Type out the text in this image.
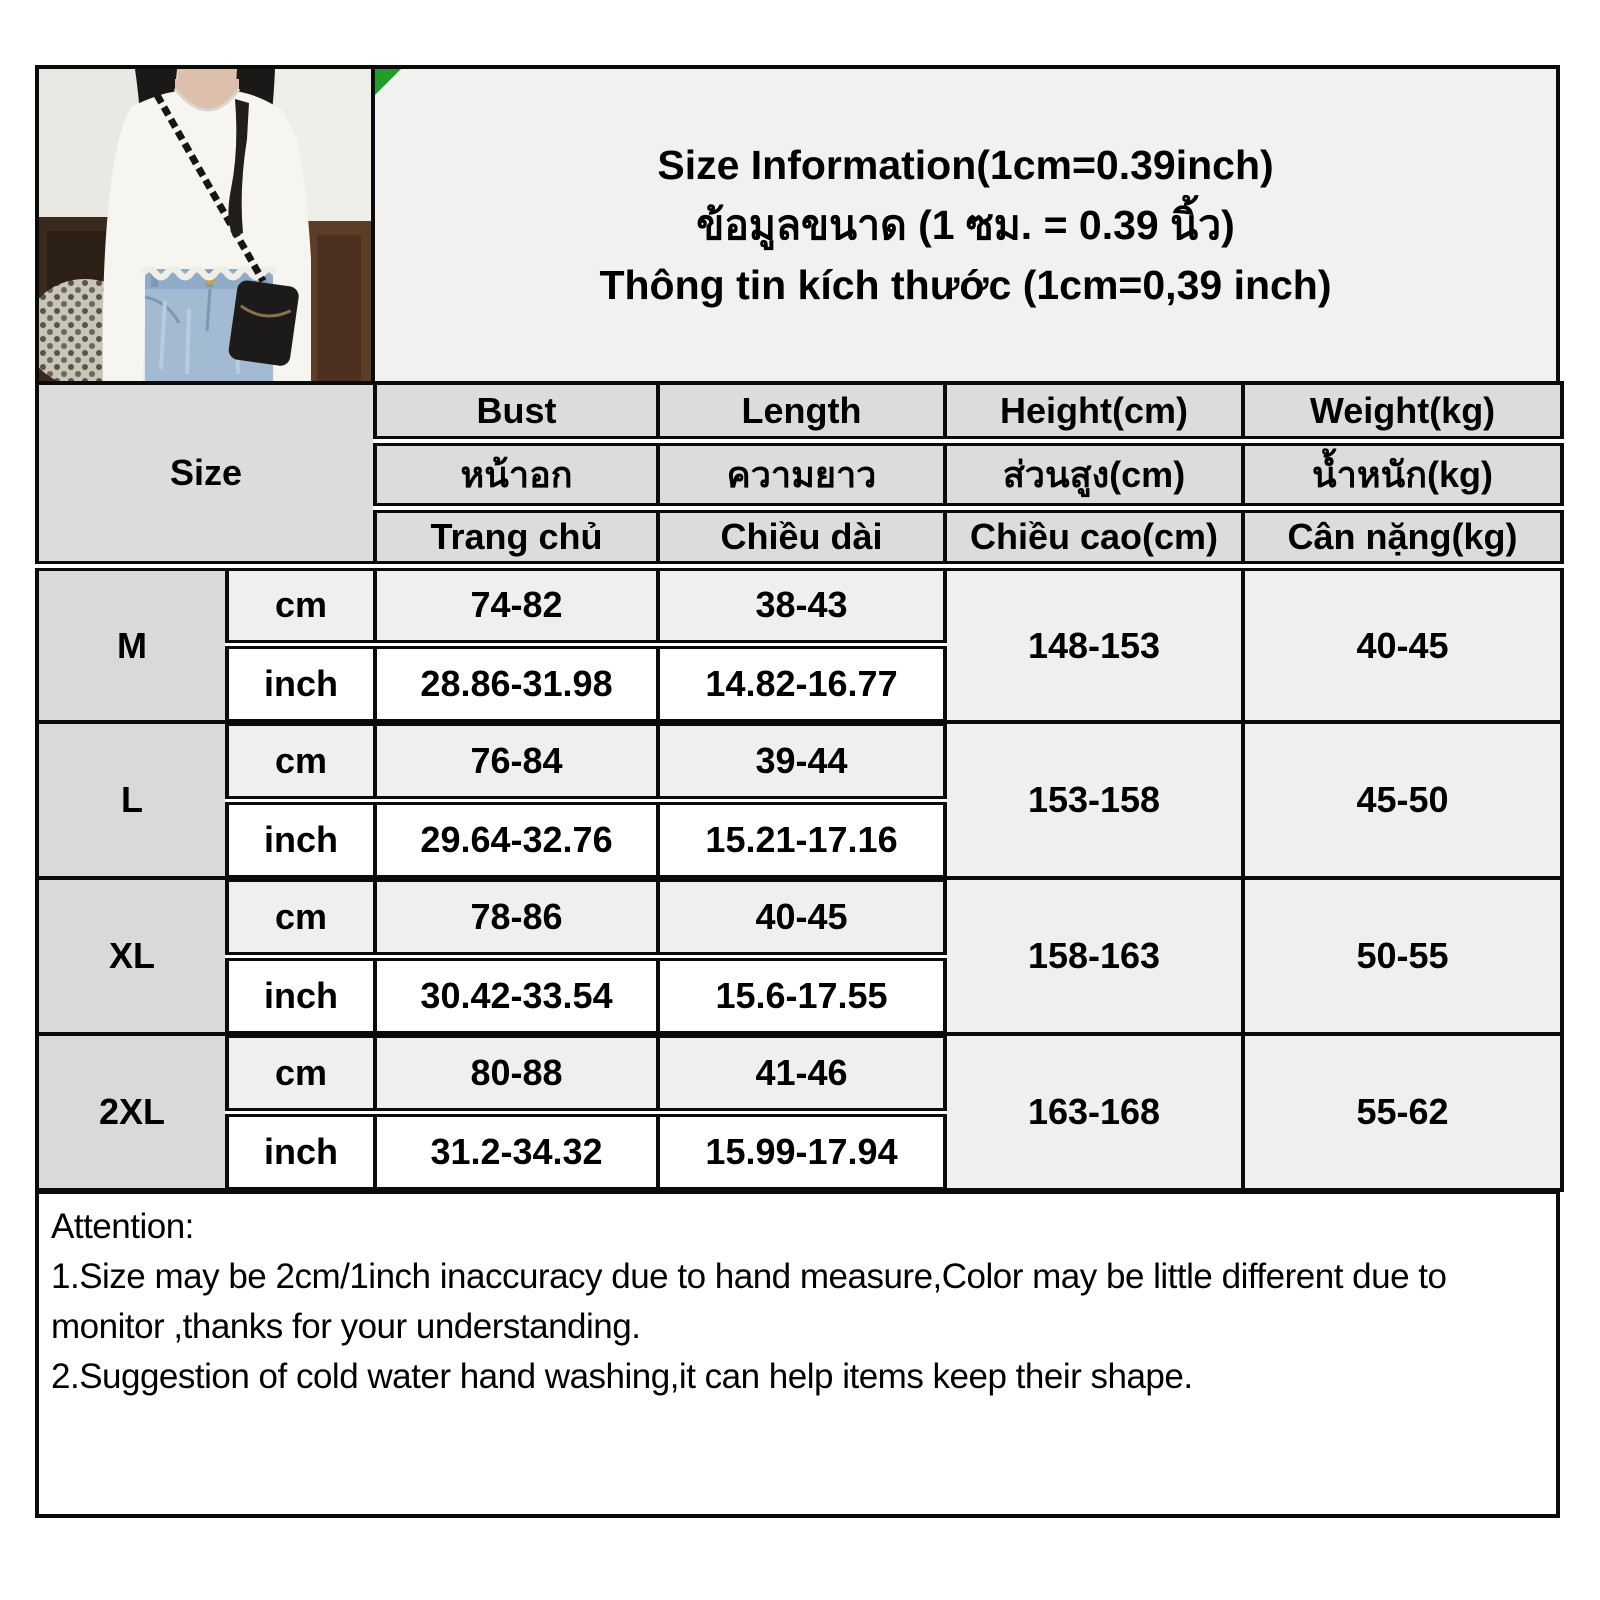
Size Information(1cm=0.39inch)
ข้อมูลขนาด (1 ซม. = 0.39 นิ้ว)
Thông tin kích thước (1cm=0,39 inch)
Size		Bust	Length	Height(cm)	Weight(kg)
		หน้าอก	ความยาว	ส่วนสูง(cm)	น้ำหนัก(kg)
		Trang chủ	Chiều dài	Chiều cao(cm)	Cân nặng(kg)
M	cm	74-82	38-43	148-153	40-45
	inch	28.86-31.98	14.82-16.77		
L	cm	76-84	39-44	153-158	45-50
	inch	29.64-32.76	15.21-17.16		
XL	cm	78-86	40-45	158-163	50-55
	inch	30.42-33.54	15.6-17.55		
2XL	cm	80-88	41-46	163-168	55-62
	inch	31.2-34.32	15.99-17.94		
Attention:
1.Size may be 2cm/1inch inaccuracy due to hand measure,Color may be little different due to monitor ,thanks for your understanding.
2.Suggestion of cold water hand washing,it can help items keep their shape.
